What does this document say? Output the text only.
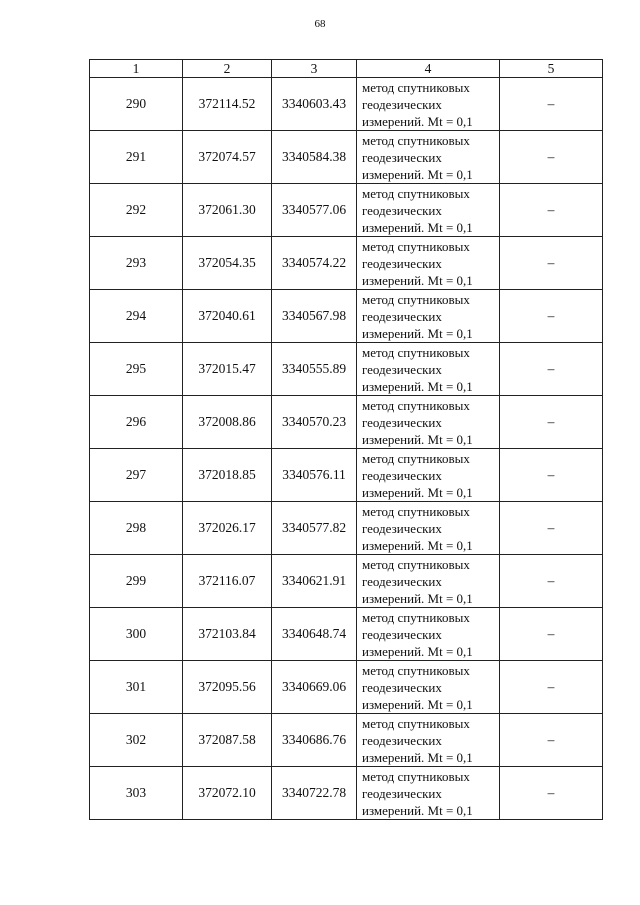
68
1	2	3	4	5
290	372114.52	3340603.43	метод спутниковых
геодезических
измерений. Mt = 0,1	–
291	372074.57	3340584.38	метод спутниковых
геодезических
измерений. Mt = 0,1	–
292	372061.30	3340577.06	метод спутниковых
геодезических
измерений. Mt = 0,1	–
293	372054.35	3340574.22	метод спутниковых
геодезических
измерений. Mt = 0,1	–
294	372040.61	3340567.98	метод спутниковых
геодезических
измерений. Mt = 0,1	–
295	372015.47	3340555.89	метод спутниковых
геодезических
измерений. Mt = 0,1	–
296	372008.86	3340570.23	метод спутниковых
геодезических
измерений. Mt = 0,1	–
297	372018.85	3340576.11	метод спутниковых
геодезических
измерений. Mt = 0,1	–
298	372026.17	3340577.82	метод спутниковых
геодезических
измерений. Mt = 0,1	–
299	372116.07	3340621.91	метод спутниковых
геодезических
измерений. Mt = 0,1	–
300	372103.84	3340648.74	метод спутниковых
геодезических
измерений. Mt = 0,1	–
301	372095.56	3340669.06	метод спутниковых
геодезических
измерений. Mt = 0,1	–
302	372087.58	3340686.76	метод спутниковых
геодезических
измерений. Mt = 0,1	–
303	372072.10	3340722.78	метод спутниковых
геодезических
измерений. Mt = 0,1	–
